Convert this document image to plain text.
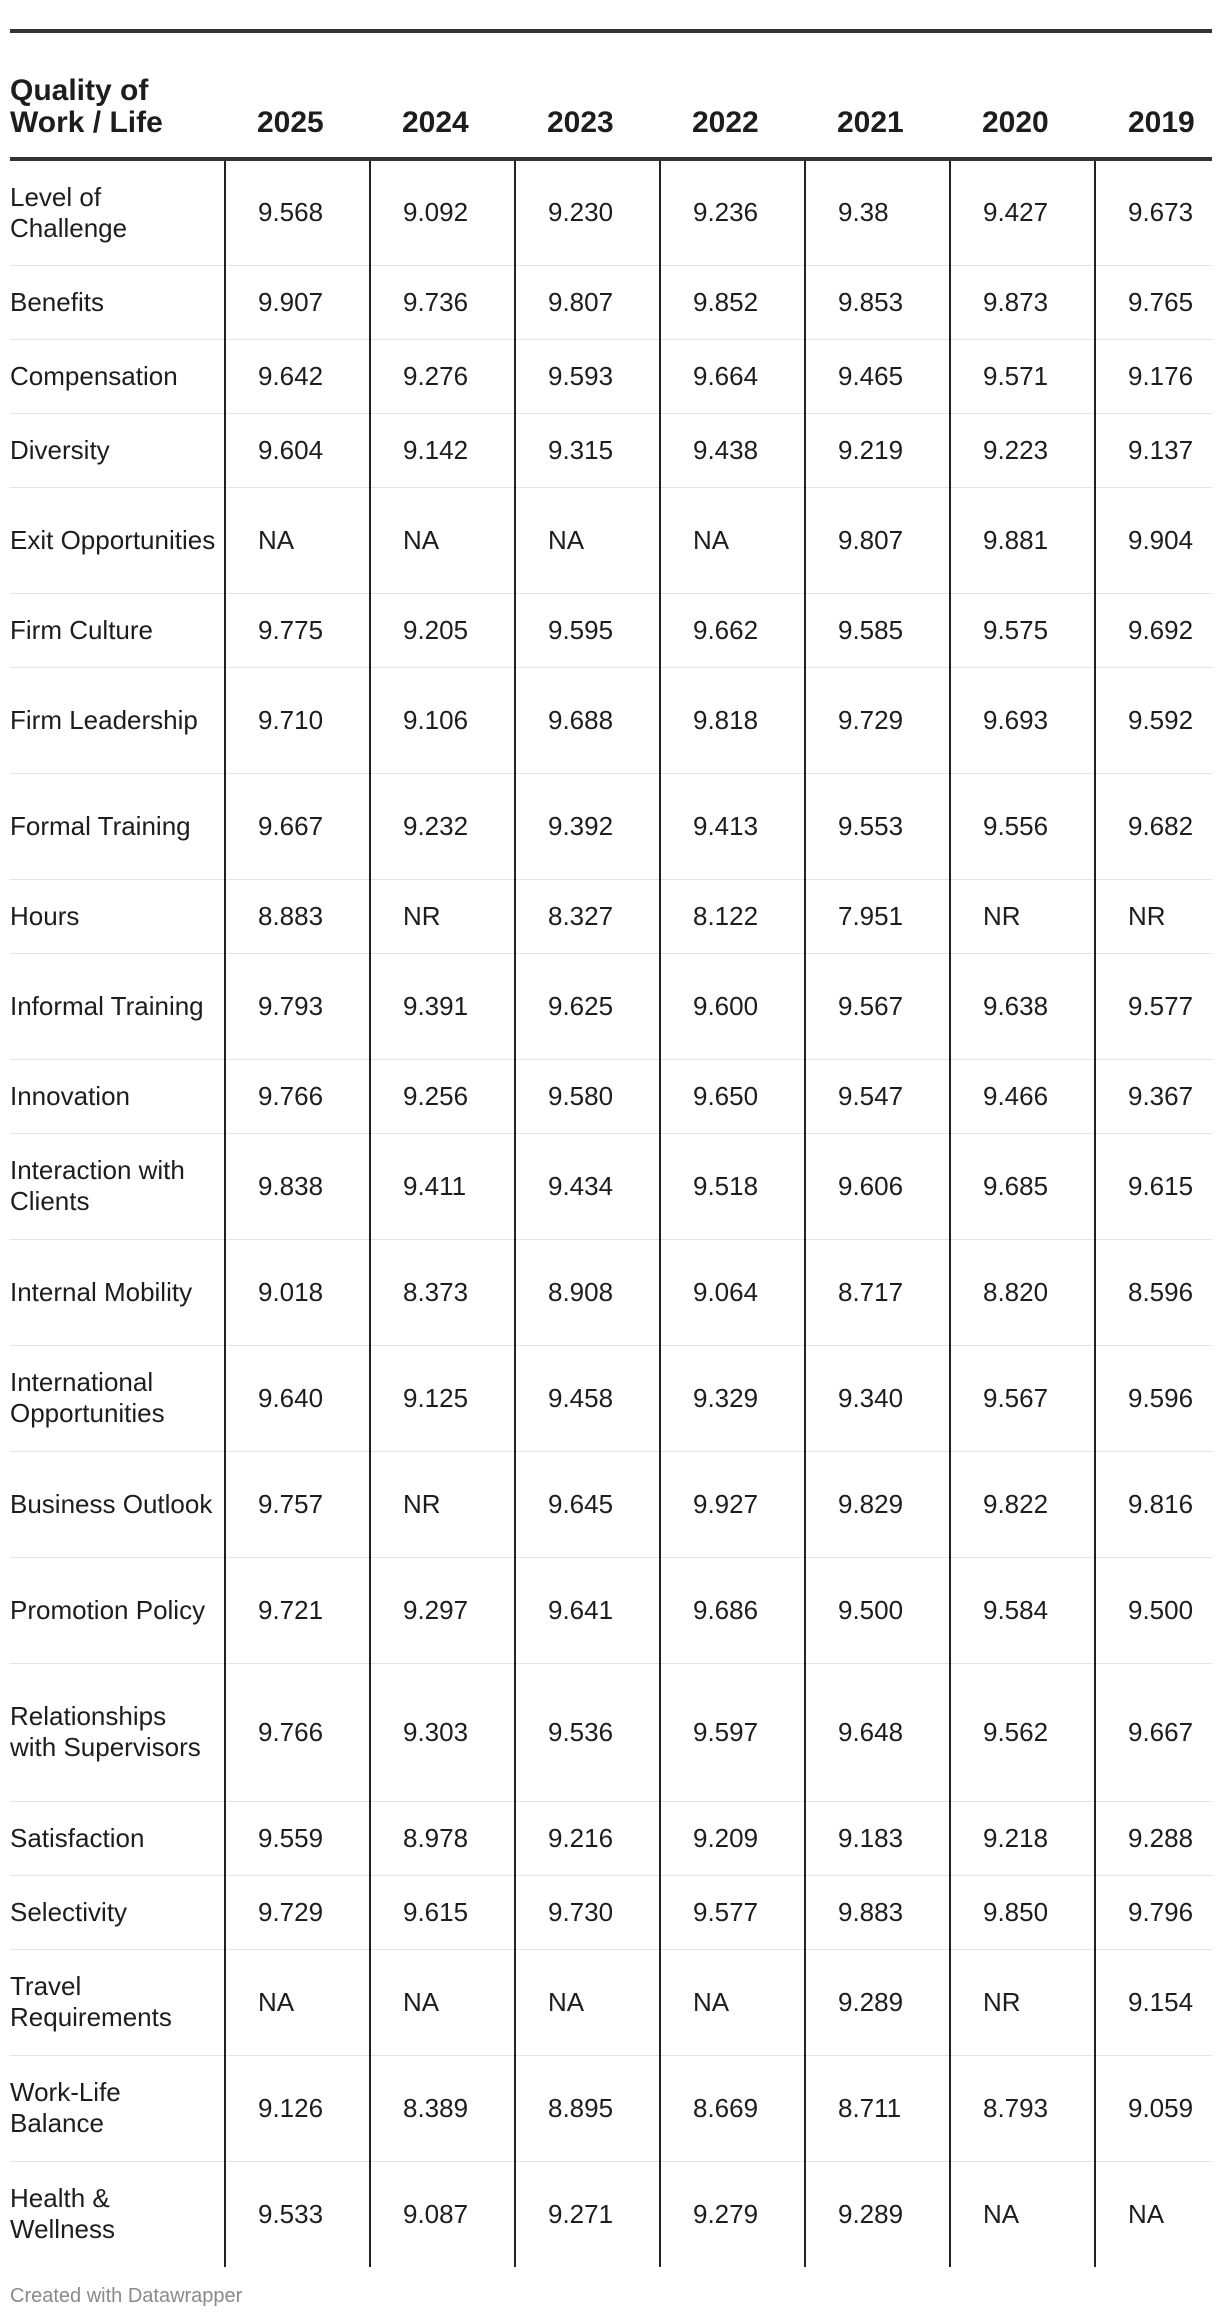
Quality of Work / Life	2025	2024	2023	2022	2021	2020	2019
Level of Challenge	9.568	9.092	9.230	9.236	9.38	9.427	9.673
Benefits	9.907	9.736	9.807	9.852	9.853	9.873	9.765
Compensation	9.642	9.276	9.593	9.664	9.465	9.571	9.176
Diversity	9.604	9.142	9.315	9.438	9.219	9.223	9.137
Exit Opportunities	NA	NA	NA	NA	9.807	9.881	9.904
Firm Culture	9.775	9.205	9.595	9.662	9.585	9.575	9.692
Firm Leadership	9.710	9.106	9.688	9.818	9.729	9.693	9.592
Formal Training	9.667	9.232	9.392	9.413	9.553	9.556	9.682
Hours	8.883	NR	8.327	8.122	7.951	NR	NR
Informal Training	9.793	9.391	9.625	9.600	9.567	9.638	9.577
Innovation	9.766	9.256	9.580	9.650	9.547	9.466	9.367
Interaction with Clients	9.838	9.411	9.434	9.518	9.606	9.685	9.615
Internal Mobility	9.018	8.373	8.908	9.064	8.717	8.820	8.596
International Opportunities	9.640	9.125	9.458	9.329	9.340	9.567	9.596
Business Outlook	9.757	NR	9.645	9.927	9.829	9.822	9.816
Promotion Policy	9.721	9.297	9.641	9.686	9.500	9.584	9.500
Relationships with Supervisors	9.766	9.303	9.536	9.597	9.648	9.562	9.667
Satisfaction	9.559	8.978	9.216	9.209	9.183	9.218	9.288
Selectivity	9.729	9.615	9.730	9.577	9.883	9.850	9.796
Travel Requirements	NA	NA	NA	NA	9.289	NR	9.154
Work-Life Balance	9.126	8.389	8.895	8.669	8.711	8.793	9.059
Health & Wellness	9.533	9.087	9.271	9.279	9.289	NA	NA
Created with Datawrapper
